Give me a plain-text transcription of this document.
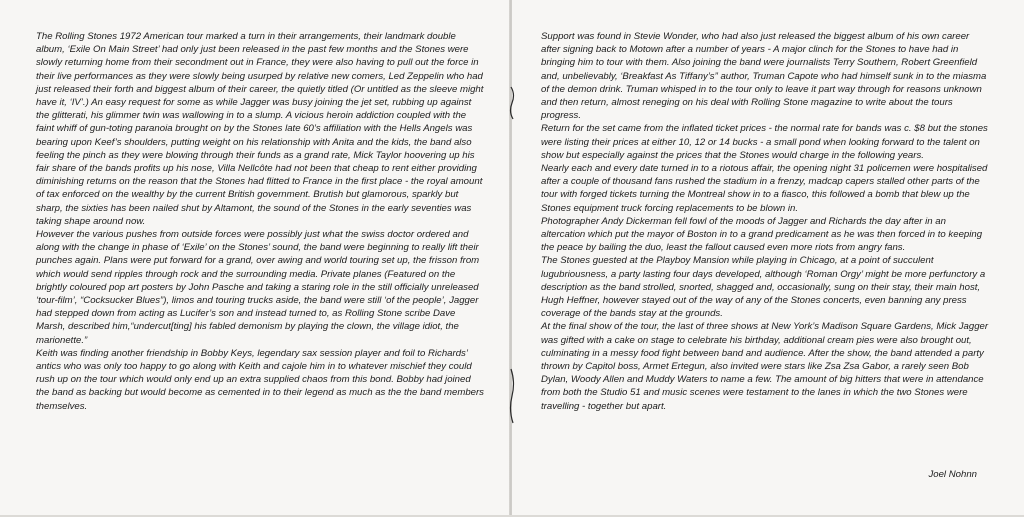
The Rolling Stones 1972 American tour marked a turn in their arrangements, their landmark double album, ‘Exile On Main Street’ had only just been released in the past few months and the Stones were slowly returning home from their secondment out in France, they were also having to pull out the force in their live performances as they were slowly being usurped by relative new comers, Led Zeppelin who had just released their forth and biggest album of their career, the quietly titled (Or untitled as the sleeve might have it, ‘IV’.) An easy request for some as while Jagger was busy joining the jet set, rubbing up against the glitterati, his glimmer twin was wallowing in to a slump. A vicious heroin addiction coupled with the faint whiff of gun-toting paranoia brought on by the Stones late 60’s affiliation with the Hells Angels was bearing upon Keef’s shoulders, putting weight on his relationship with Anita and the kids, the band also feeling the pinch as they were blowing through their funds as a grand rate, Mick Taylor hoovering up his fair share of the bands profits up his nose, Villa Nellcôte had not been that cheap to rent either providing diminishing returns on the reason that the Stones had flitted to France in the first place - the royal amount of tax enforced on the wealthy by the current British government. Brutish but glamorous, sparkly but sharp, the sixties has been nailed shut by Altamont, the sound of the Stones in the early seventies was taking shape around now.

However the various pushes from outside forces were possibly just what the swiss doctor ordered and along with the change in phase of ‘Exile’ on the Stones’ sound, the band were beginning to really lift their punches again. Plans were put forward for a grand, over awing and world touring set up, the frisson from which would send ripples through rock and the surrounding media. Private planes (Featured on the brightly coloured pop art posters by John Pasche and taking a staring role in the still officially unreleased ‘tour-film’, “Cocksucker Blues”), limos and touring trucks aside, the band were still ‘of the people’, Jagger had stepped down from acting as Lucifer’s son and instead turned to, as Rolling Stone scribe Dave Marsh, described him,“undercut[ting] his fabled demonism by playing the clown, the village idiot, the marionette.”

Keith was finding another friendship in Bobby Keys, legendary sax session player and foil to Richards’ antics who was only too happy to go along with Keith and cajole him in to whatever mischief they could rush up on the tour which would only end up an extra supplied chaos from this bond. Bobby had joined the band as backing but would become as cemented in to their legend as much as the the band members themselves.

Support was found in Stevie Wonder, who had also just released the biggest album of his own career after signing back to Motown after a number of years - A major clinch for the Stones to have had in bringing him to tour with them. Also joining the band were journalists Terry Southern, Robert Greenfield and, unbelievably, ‘Breakfast As Tiffany’s” author, Truman Capote who had himself sunk in to the miasma of the demon drink. Truman whisped in to the tour only to leave it part way through for reasons unknown and then return, almost reneging on his deal with Rolling Stone magazine to write about the tours progress.

Return for the set came from the inflated ticket prices - the normal rate for bands was c. $8 but the stones were listing their prices at either 10, 12 or 14 bucks - a small pond when looking forward to the talent on show but especially against the prices that the Stones would charge in the following years.

Nearly each and every date turned in to a riotous affair, the opening night 31 policemen were hospitalised after a couple of thousand fans rushed the stadium in a frenzy, madcap capers stalled other parts of the tour with forged tickets turning the Montreal show in to a fiasco, this followed a bomb that blew up the Stones equipment truck forcing replacements to be blown in.

Photographer Andy Dickerman fell fowl of the moods of Jagger and Richards the day after in an altercation which put the mayor of Boston in to a grand predicament as he was then forced in to keeping the peace by bailing the duo, least the fallout caused even more riots from angry fans.

The Stones guested at the Playboy Mansion while playing in Chicago, at a point of succulent lugubriousness, a party lasting four days developed, although ‘Roman Orgy’ might be more perfunctory a description as the band strolled, snorted, shagged and, occasionally, sung on their stay, their main host, Hugh Heffner, however stayed out of the way of any of the Stones concerts, even banning any press coverage of the bands stay at the grounds.

At the final show of the tour, the last of three shows at New York’s Madison Square Gardens, Mick Jagger was gifted with a cake on stage to celebrate his birthday, additional cream pies were also brought out, culminating in a messy food fight between band and audience. After the show, the band attended a party thrown by Capitol boss, Armet Ertegun, also invited were stars like Zsa Zsa Gabor, a rarely seen Bob Dylan, Woody Allen and Muddy Waters to name a few. The amount of big hitters that were in attendance from both the Studio 51 and music scenes were testament to the lanes in which the two Stones were travelling - together but apart.

Joel Nohnn
